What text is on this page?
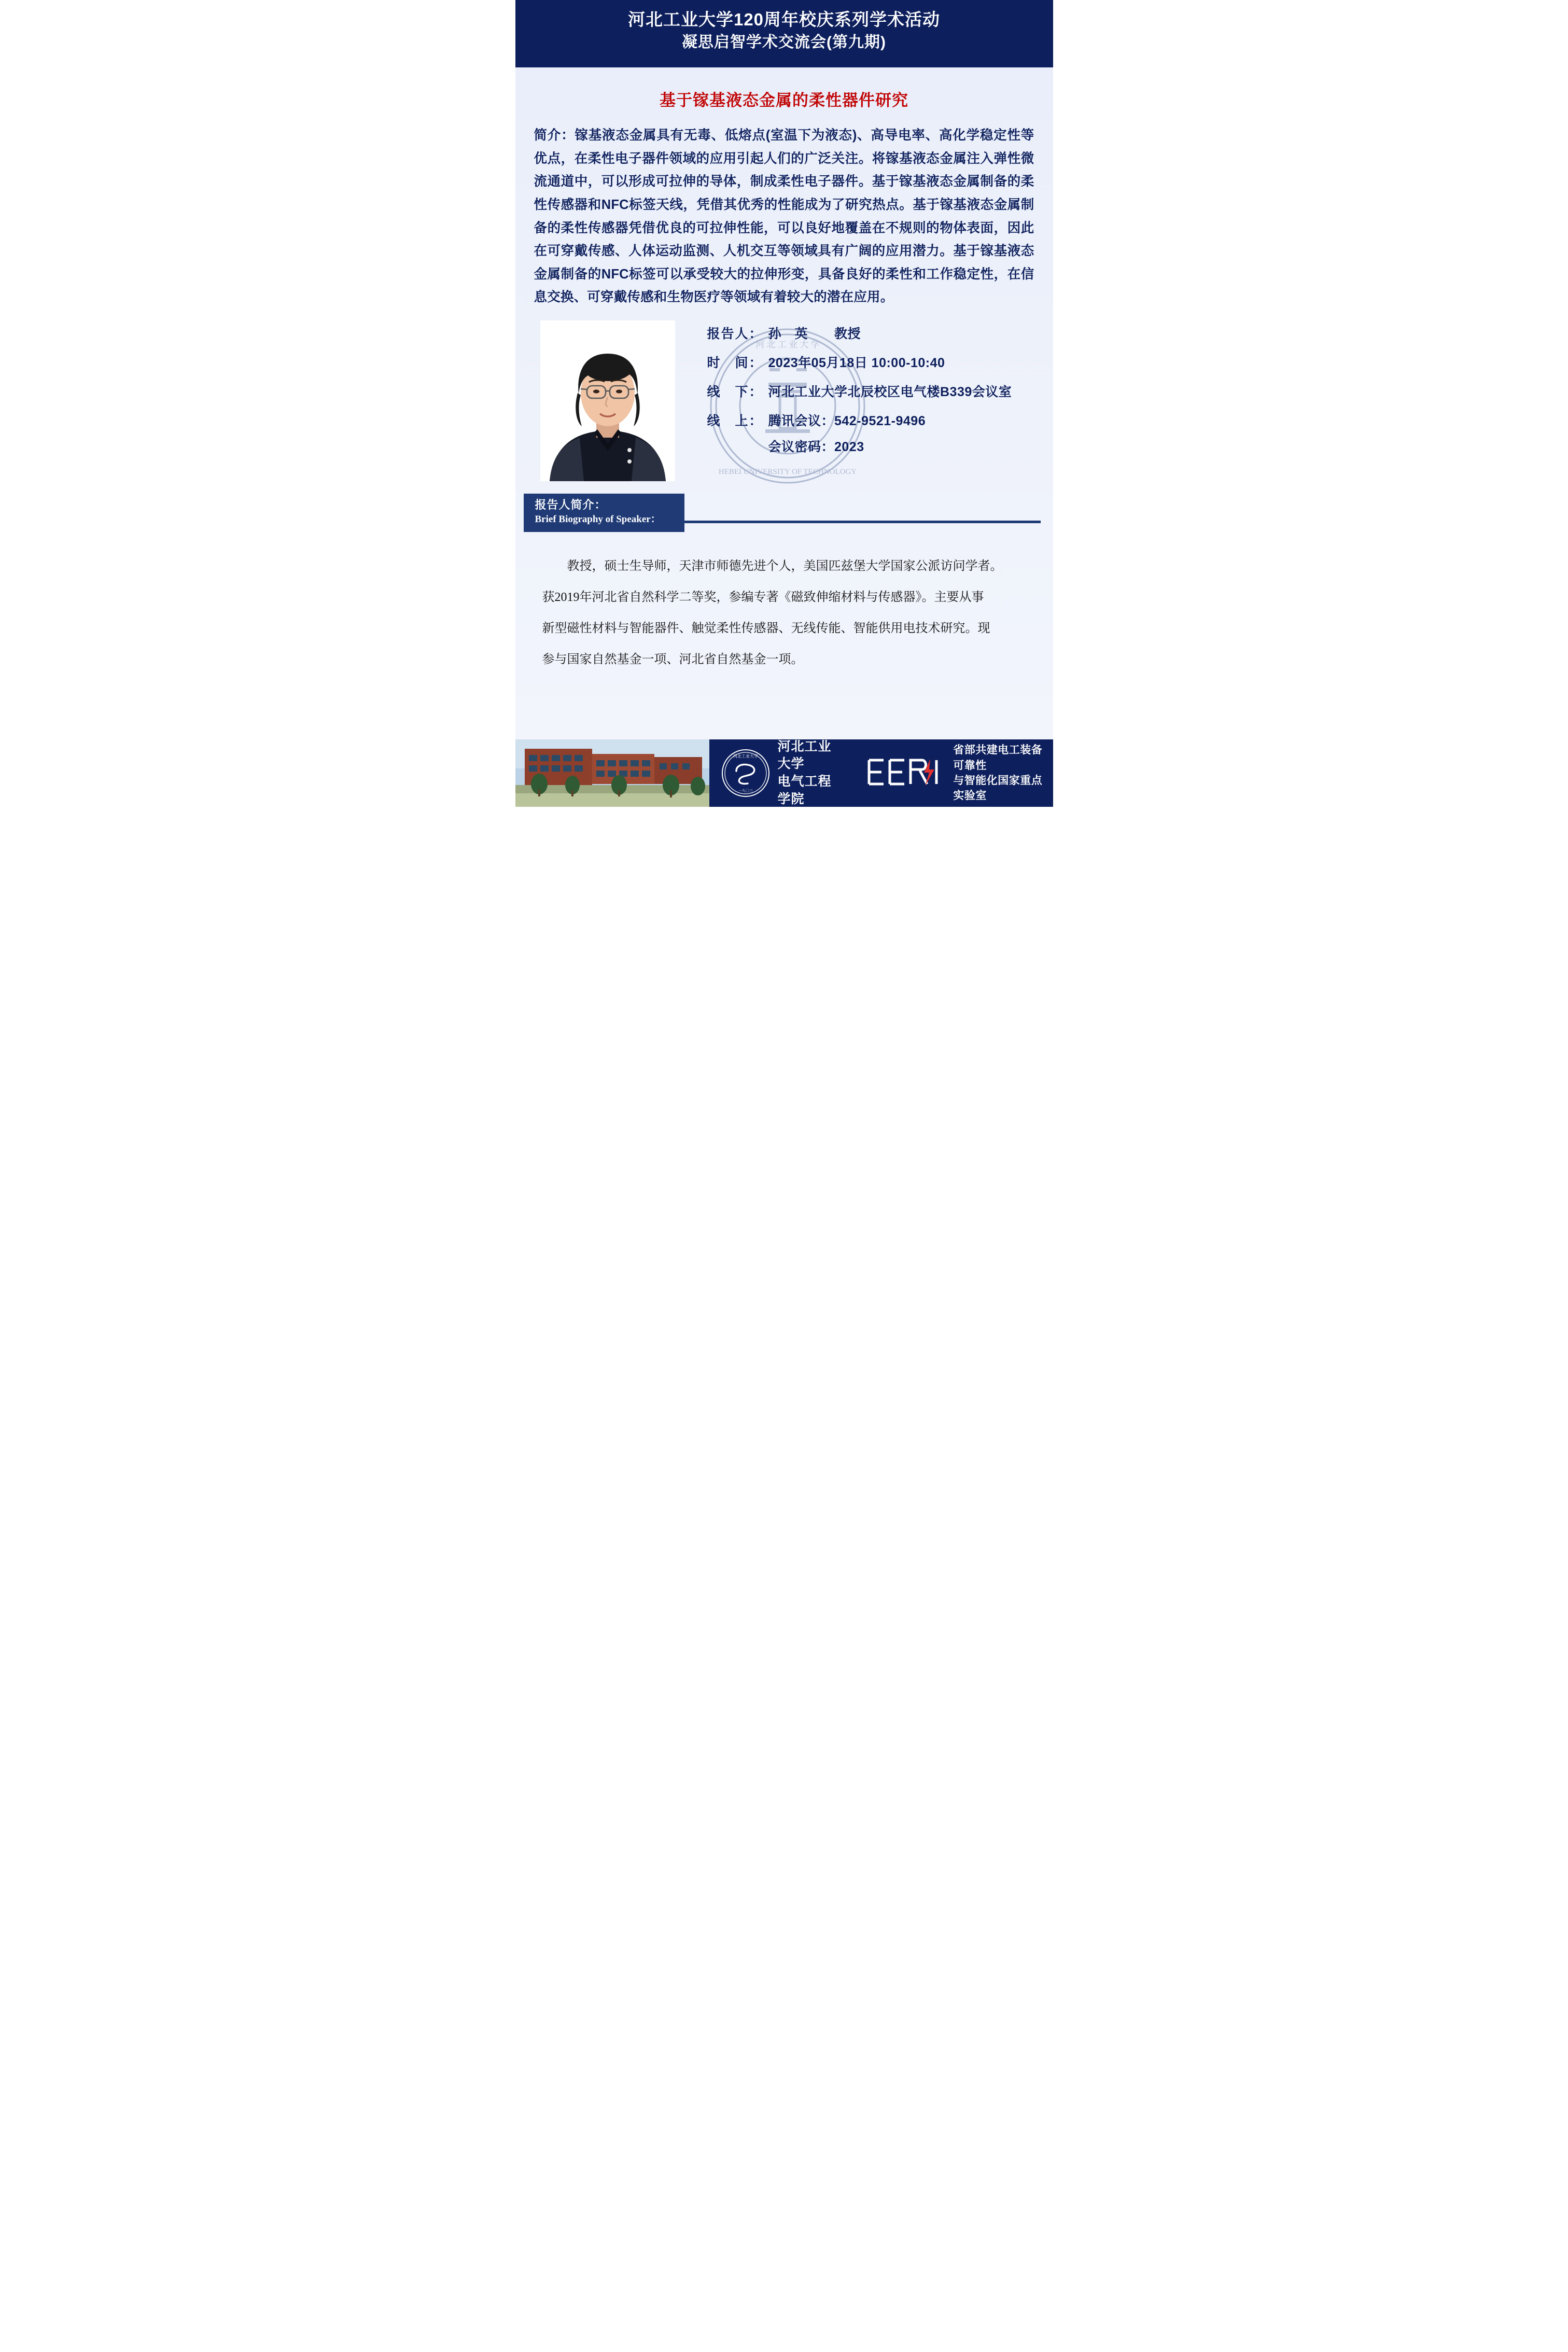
河北工业大学120周年校庆系列学术活动
凝思启智学术交流会(第九期)
基于镓基液态金属的柔性器件研究
简介：镓基液态金属具有无毒、低熔点(室温下为液态)、高导电率、高化学稳定性等优点，在柔性电子器件领域的应用引起人们的广泛关注。将镓基液态金属注入弹性微流通道中，可以形成可拉伸的导体，制成柔性电子器件。基于镓基液态金属制备的柔性传感器和NFC标签天线，凭借其优秀的性能成为了研究热点。基于镓基液态金属制备的柔性传感器凭借优良的可拉伸性能，可以良好地覆盖在不规则的物体表面，因此在可穿戴传感、人体运动监测、人机交互等领域具有广阔的应用潜力。基于镓基液态金属制备的NFC标签可以承受较大的拉伸形变，具备良好的柔性和工作稳定性，在信息交换、可穿戴传感和生物医疗等领域有着较大的潜在应用。
河 北 工 业 大 学
HEBEI UNIVERSITY OF TECHNOLOGY
报告人： 孙　英　　教授
时　间： 2023年05月18日 10:00-10:40
线　下： 河北工业大学北辰校区电气楼B339会议室
线　上： 腾讯会议：542-9521-9496
会议密码：2023
报告人简介：
Brief Biography of Speaker：

教授，硕士生导师，天津市师德先进个人，美国匹兹堡大学国家公派访问学者。

获2019年河北省自然科学二等奖，参编专著《磁致伸缩材料与传感器》。主要从事

新型磁性材料与智能器件、触觉柔性传感器、无线传能、智能供用电技术研究。现

参与国家自然基金一项、河北省自然基金一项。

河北工业大学
一九〇三
河北工业大学
电气工程学院
省部共建电工装备可靠性
与智能化国家重点实验室
